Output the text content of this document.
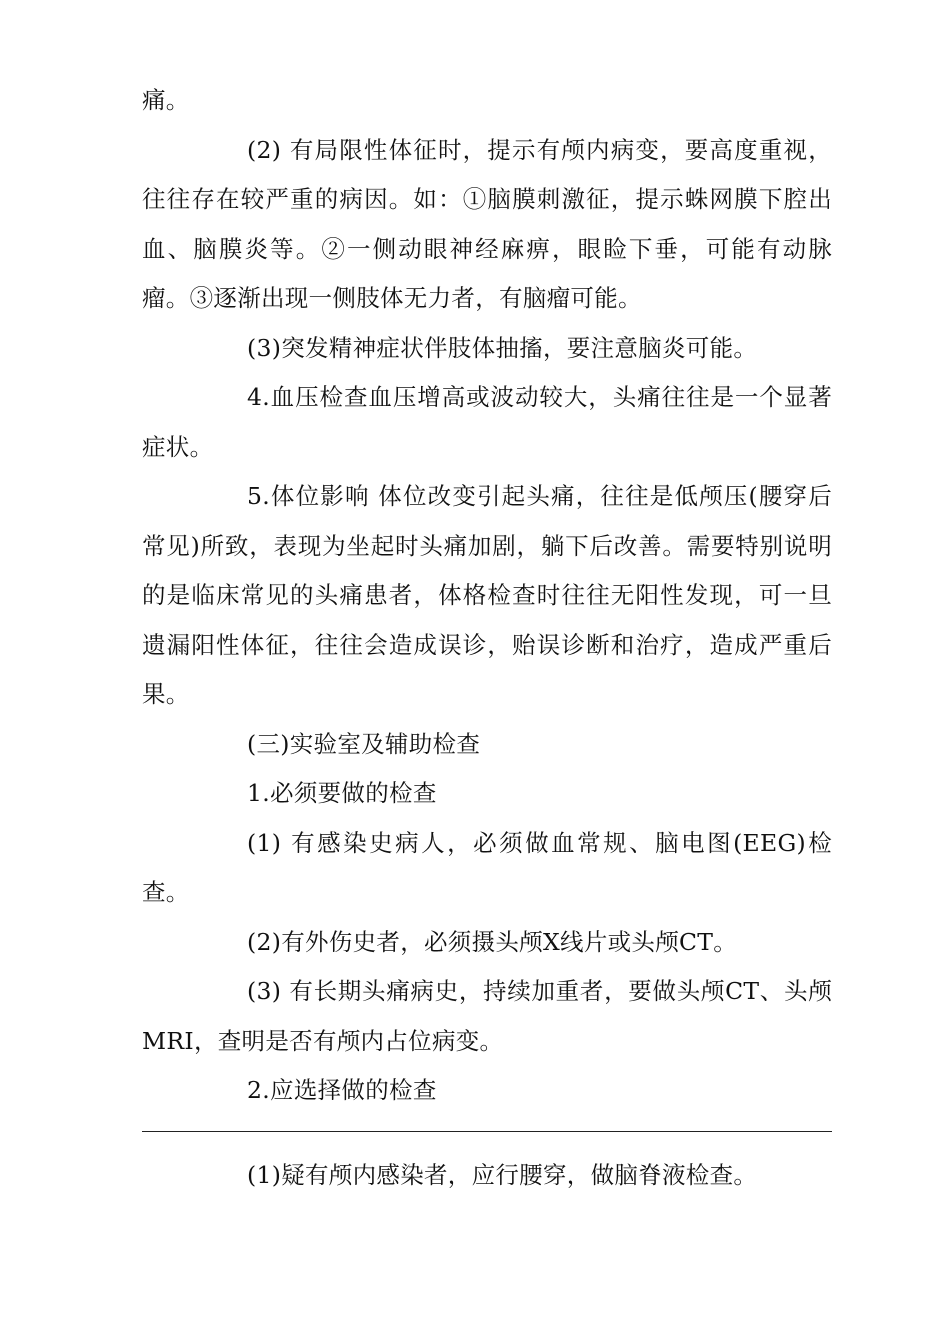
痛。

(2) 有局限性体征时，提示有颅内病变，要高度重视，往往存在较严重的病因。如：①脑膜刺激征，提示蛛网膜下腔出血、脑膜炎等。②一侧动眼神经麻痹，眼睑下垂，可能有动脉瘤。③逐渐出现一侧肢体无力者，有脑瘤可能。

(3)突发精神症状伴肢体抽搐，要注意脑炎可能。

4.血压检查血压增高或波动较大，头痛往往是一个显著症状。

5.体位影响 体位改变引起头痛，往往是低颅压(腰穿后常见)所致，表现为坐起时头痛加剧，躺下后改善。需要特别说明的是临床常见的头痛患者，体格检查时往往无阳性发现，可一旦遗漏阳性体征，往往会造成误诊，贻误诊断和治疗，造成严重后果。

(三)实验室及辅助检查

1.必须要做的检查

(1) 有感染史病人，必须做血常规、脑电图(EEG)检查。

(2)有外伤史者，必须摄头颅X线片或头颅CT。

(3) 有长期头痛病史，持续加重者，要做头颅CT、头颅MRI，查明是否有颅内占位病变。

2.应选择做的检查

(1)疑有颅内感染者，应行腰穿，做脑脊液检查。
